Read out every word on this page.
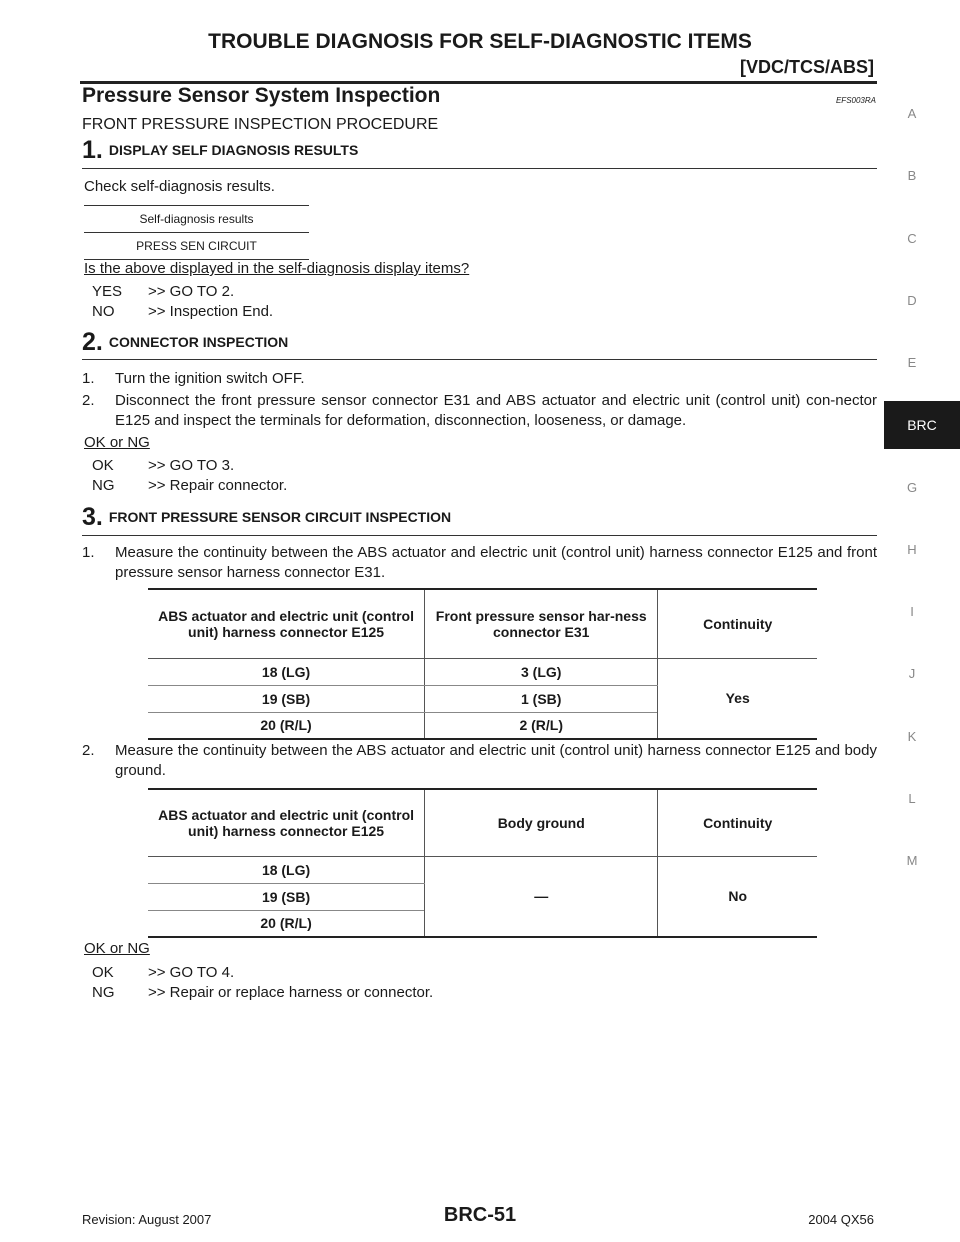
TROUBLE DIAGNOSIS FOR SELF-DIAGNOSTIC ITEMS
[VDC/TCS/ABS]
Pressure Sensor System Inspection	EFS003RA
FRONT PRESSURE INSPECTION PROCEDURE
1. DISPLAY SELF DIAGNOSIS RESULTS
Check self-diagnosis results.
Self-diagnosis results
PRESS SEN CIRCUIT
Is the above displayed in the self-diagnosis display items?
YES >> GO TO 2.
NO >> Inspection End.
2. CONNECTOR INSPECTION
1. Turn the ignition switch OFF.
2. Disconnect the front pressure sensor connector E31 and ABS actuator and electric unit (control unit) con-nector E125 and inspect the terminals for deformation, disconnection, looseness, or damage.
OK or NG
OK >> GO TO 3.
NG >> Repair connector.
3. FRONT PRESSURE SENSOR CIRCUIT INSPECTION
1. Measure the continuity between the ABS actuator and electric unit (control unit) harness connector E125 and front pressure sensor harness connector E31.
ABS actuator and electric unit (control unit) harness connector E125	Front pressure sensor har-ness connector E31	Continuity
18 (LG)	3 (LG)	Yes
19 (SB)	1 (SB)	
20 (R/L)	2 (R/L)	
2. Measure the continuity between the ABS actuator and electric unit (control unit) harness connector E125 and body ground.
ABS actuator and electric unit (control unit) harness connector E125	Body ground	Continuity
18 (LG)	—	No
19 (SB)		
20 (R/L)		
OK or NG
OK >> GO TO 4.
NG >> Repair or replace harness or connector.
A
B
C
D
E
BRC
G
H
I
J
K
L
M
Revision: August 2007	BRC-51	2004 QX56
